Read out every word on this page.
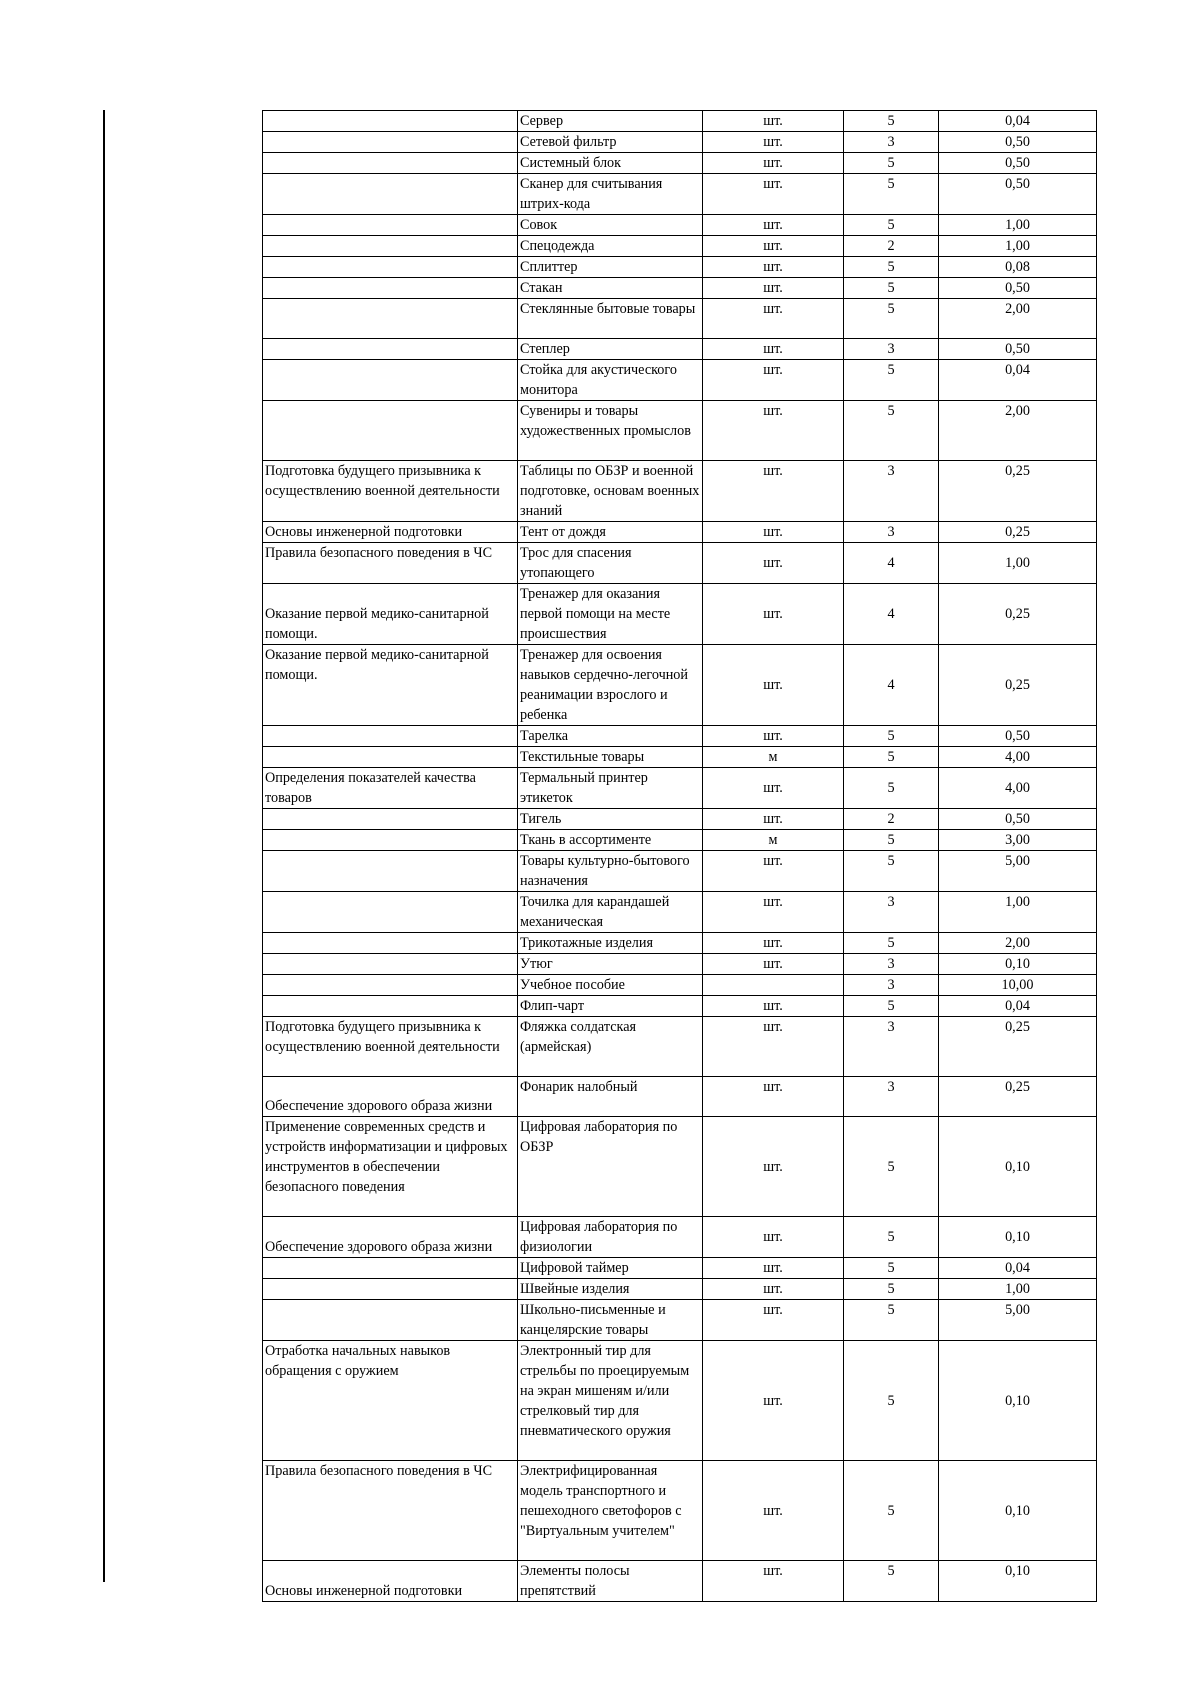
	Сервер	шт.	5	0,04
	Сетевой фильтр	шт.	3	0,50
	Системный блок	шт.	5	0,50
	Сканер для считывания штрих-кода	шт.	5	0,50
	Совок	шт.	5	1,00
	Спецодежда	шт.	2	1,00
	Сплиттер	шт.	5	0,08
	Стакан	шт.	5	0,50
	Стеклянные бытовые товары	шт.	5	2,00
	Степлер	шт.	3	0,50
	Стойка для акустического монитора	шт.	5	0,04
	Сувениры и товары художественных промыслов	шт.	5	2,00
Подготовка будущего призывника к осуществлению военной деятельности	Таблицы по ОБЗР и военной подготовке, основам военных знаний	шт.	3	0,25
Основы инженерной подготовки	Тент от дождя	шт.	3	0,25
Правила безопасного поведения в ЧС	Трос для спасения утопающего	шт.	4	1,00
Оказание первой медико-санитарной помощи.	Тренажер для оказания первой помощи на месте происшествия	шт.	4	0,25
Оказание первой медико-санитарной помощи.	Тренажер для освоения навыков сердечно-легочной реанимации взрослого и ребенка	шт.	4	0,25
	Тарелка	шт.	5	0,50
	Текстильные товары	м	5	4,00
Определения показателей качества товаров	Термальный принтер этикеток	шт.	5	4,00
	Тигель	шт.	2	0,50
	Ткань в ассортименте	м	5	3,00
	Товары культурно-бытового назначения	шт.	5	5,00
	Точилка для карандашей механическая	шт.	3	1,00
	Трикотажные изделия	шт.	5	2,00
	Утюг	шт.	3	0,10
	Учебное пособие		3	10,00
	Флип-чарт	шт.	5	0,04
Подготовка будущего призывника к осуществлению военной деятельности	Фляжка солдатская (армейская)	шт.	3	0,25
Обеспечение здорового образа жизни	Фонарик налобный	шт.	3	0,25
Применение современных средств и устройств информатизации и цифровых инструментов в обеспечении безопасного поведения	Цифровая лаборатория по ОБЗР	шт.	5	0,10
Обеспечение здорового образа жизни	Цифровая лаборатория по физиологии	шт.	5	0,10
	Цифровой таймер	шт.	5	0,04
	Швейные изделия	шт.	5	1,00
	Школьно-письменные и канцелярские товары	шт.	5	5,00
Отработка начальных навыков обращения с оружием	Электронный тир для стрельбы по проецируемым на экран мишеням и/или стрелковый тир для пневматического оружия	шт.	5	0,10
Правила безопасного поведения в ЧС	Электрифицированная модель транспортного и пешеходного светофоров с "Виртуальным учителем"	шт.	5	0,10
Основы инженерной подготовки	Элементы полосы препятствий	шт.	5	0,10
